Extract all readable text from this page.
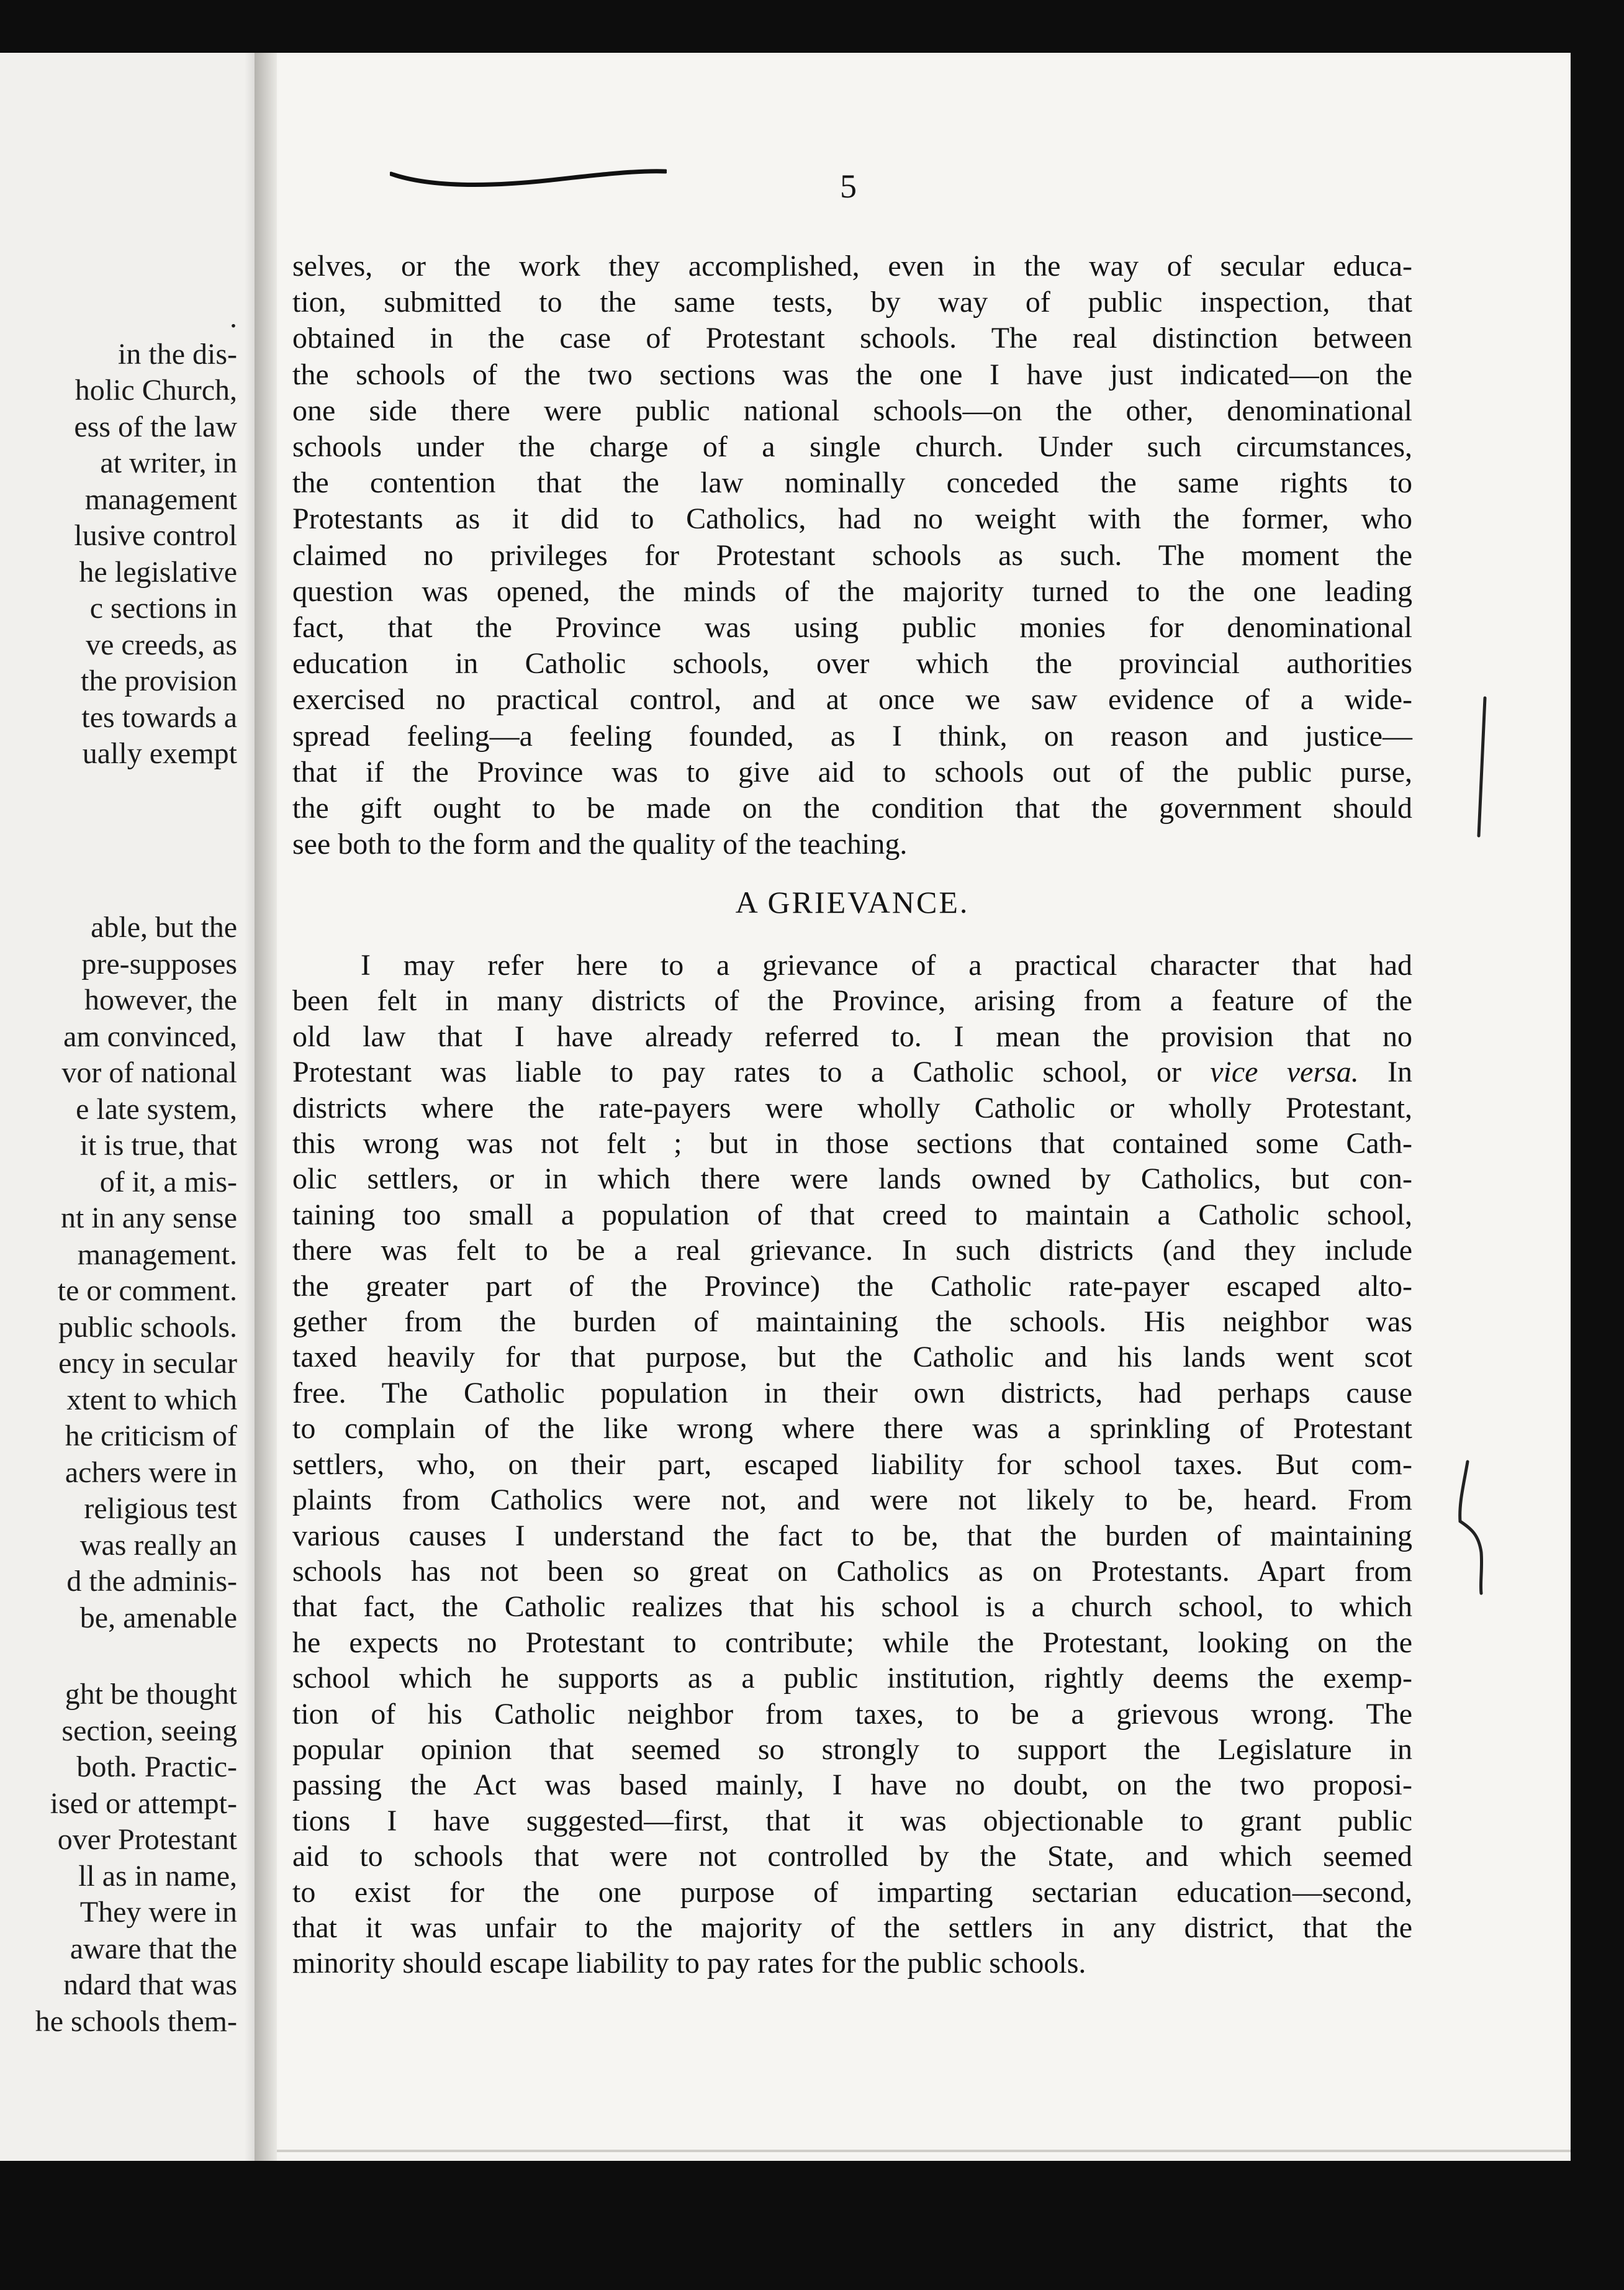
.
in the dis-
holic Church,
ess of the law
at writer, in
management
lusive control
he legislative
c sections in
ve creeds, as
the provision
tes towards a
ually exempt
able, but the
pre-supposes
however, the
am convinced,
vor of national
e late system,
it is true, that
of it, a mis-
nt in any sense
management.
te or comment.
public schools.
ency in secular
xtent to which
he criticism of
achers were in
religious test
was really an
d the adminis-
be, amenable
ght be thought
section, seeing
both. Practic-
ised or attempt-
over Protestant
ll as in name,
They were in
aware that the
ndard that was
he schools them-
5
selves, or the work they accomplished, even in the way of secular educa-
tion, submitted to the same tests, by way of public inspection, that
obtained in the case of Protestant schools. The real distinction between
the schools of the two sections was the one I have just indicated—on the
one side there were public national schools—on the other, denominational
schools under the charge of a single church. Under such circumstances,
the contention that the law nominally conceded the same rights to
Protestants as it did to Catholics, had no weight with the former, who
claimed no privileges for Protestant schools as such. The moment the
question was opened, the minds of the majority turned to the one leading
fact, that the Province was using public monies for denominational
education in Catholic schools, over which the provincial authorities
exercised no practical control, and at once we saw evidence of a wide-
spread feeling—a feeling founded, as I think, on reason and justice—
that if the Province was to give aid to schools out of the public purse,
the gift ought to be made on the condition that the government should
see both to the form and the quality of the teaching.
A GRIEVANCE.
I may refer here to a grievance of a practical character that had
been felt in many districts of the Province, arising from a feature of the
old law that I have already referred to. I mean the provision that no
Protestant was liable to pay rates to a Catholic school, or vice versa. In
districts where the rate-payers were wholly Catholic or wholly Protestant,
this wrong was not felt ; but in those sections that contained some Cath-
olic settlers, or in which there were lands owned by Catholics, but con-
taining too small a population of that creed to maintain a Catholic school,
there was felt to be a real grievance. In such districts (and they include
the greater part of the Province) the Catholic rate-payer escaped alto-
gether from the burden of maintaining the schools. His neighbor was
taxed heavily for that purpose, but the Catholic and his lands went scot
free. The Catholic population in their own districts, had perhaps cause
to complain of the like wrong where there was a sprinkling of Protestant
settlers, who, on their part, escaped liability for school taxes. But com-
plaints from Catholics were not, and were not likely to be, heard. From
various causes I understand the fact to be, that the burden of maintaining
schools has not been so great on Catholics as on Protestants. Apart from
that fact, the Catholic realizes that his school is a church school, to which
he expects no Protestant to contribute; while the Protestant, looking on the
school which he supports as a public institution, rightly deems the exemp-
tion of his Catholic neighbor from taxes, to be a grievous wrong. The
popular opinion that seemed so strongly to support the Legislature in
passing the Act was based mainly, I have no doubt, on the two proposi-
tions I have suggested—first, that it was objectionable to grant public
aid to schools that were not controlled by the State, and which seemed
to exist for the one purpose of imparting sectarian education—second,
that it was unfair to the majority of the settlers in any district, that the
minority should escape liability to pay rates for the public schools.
